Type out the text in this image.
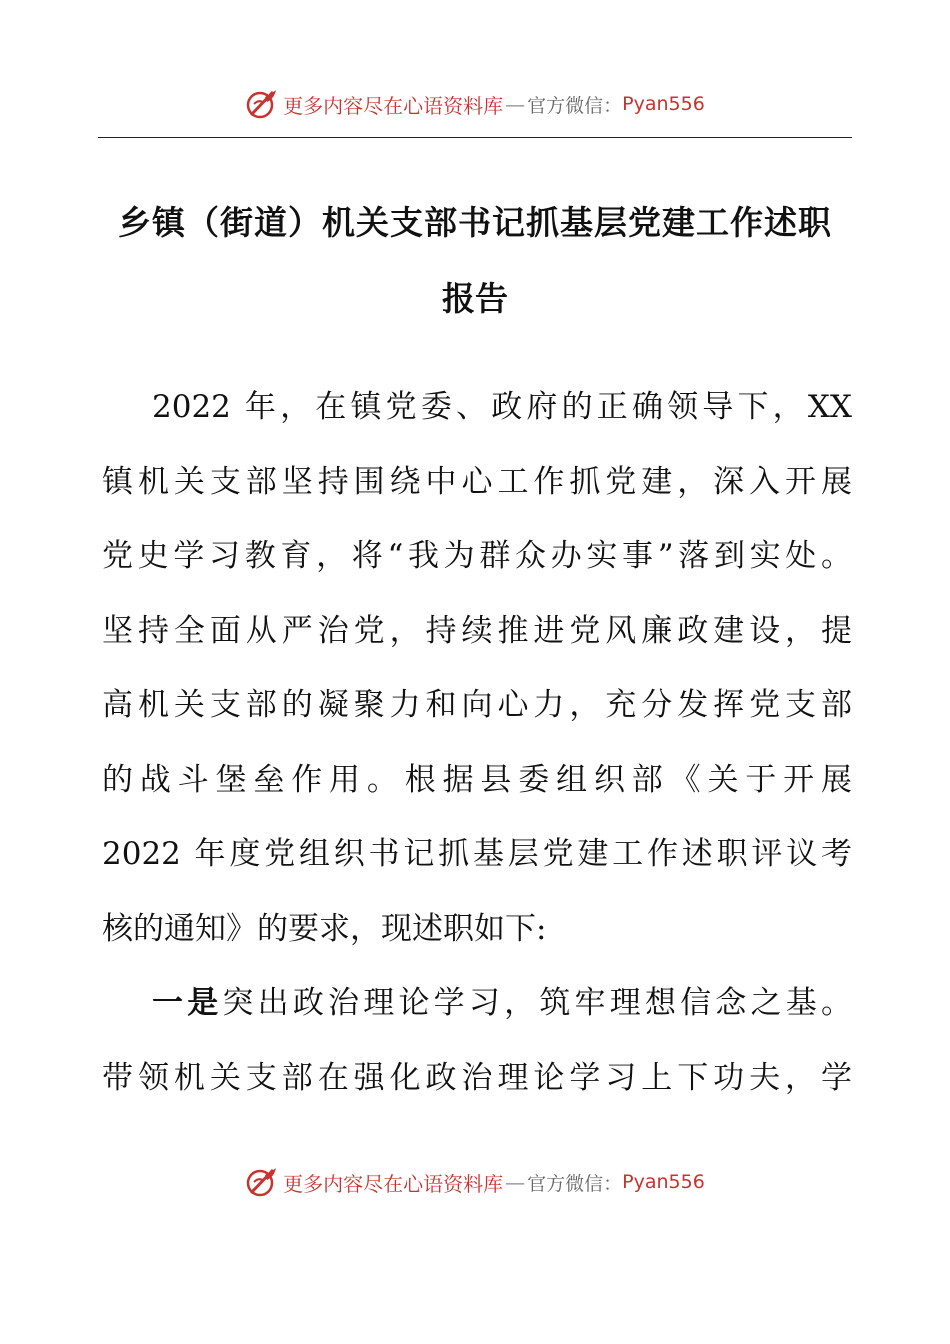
更多内容尽在心语资料库 — 官方微信： Pyan556
乡镇（街道）机关支部书记抓基层党建工作述职
报告
2022 年，在镇党委、政府的正确领导下，XX
镇机关支部坚持围绕中心工作抓党建，深入开展
党史学习教育，将“我为群众办实事”落到实处。
坚持全面从严治党，持续推进党风廉政建设，提
高机关支部的凝聚力和向心力，充分发挥党支部
的战斗堡垒作用。根据县委组织部《关于开展
2022 年度党组织书记抓基层党建工作述职评议考
核的通知》的要求，现述职如下:
一是突出政治理论学习，筑牢理想信念之基。
带领机关支部在强化政治理论学习上下功夫，学
更多内容尽在心语资料库 — 官方微信： Pyan556
